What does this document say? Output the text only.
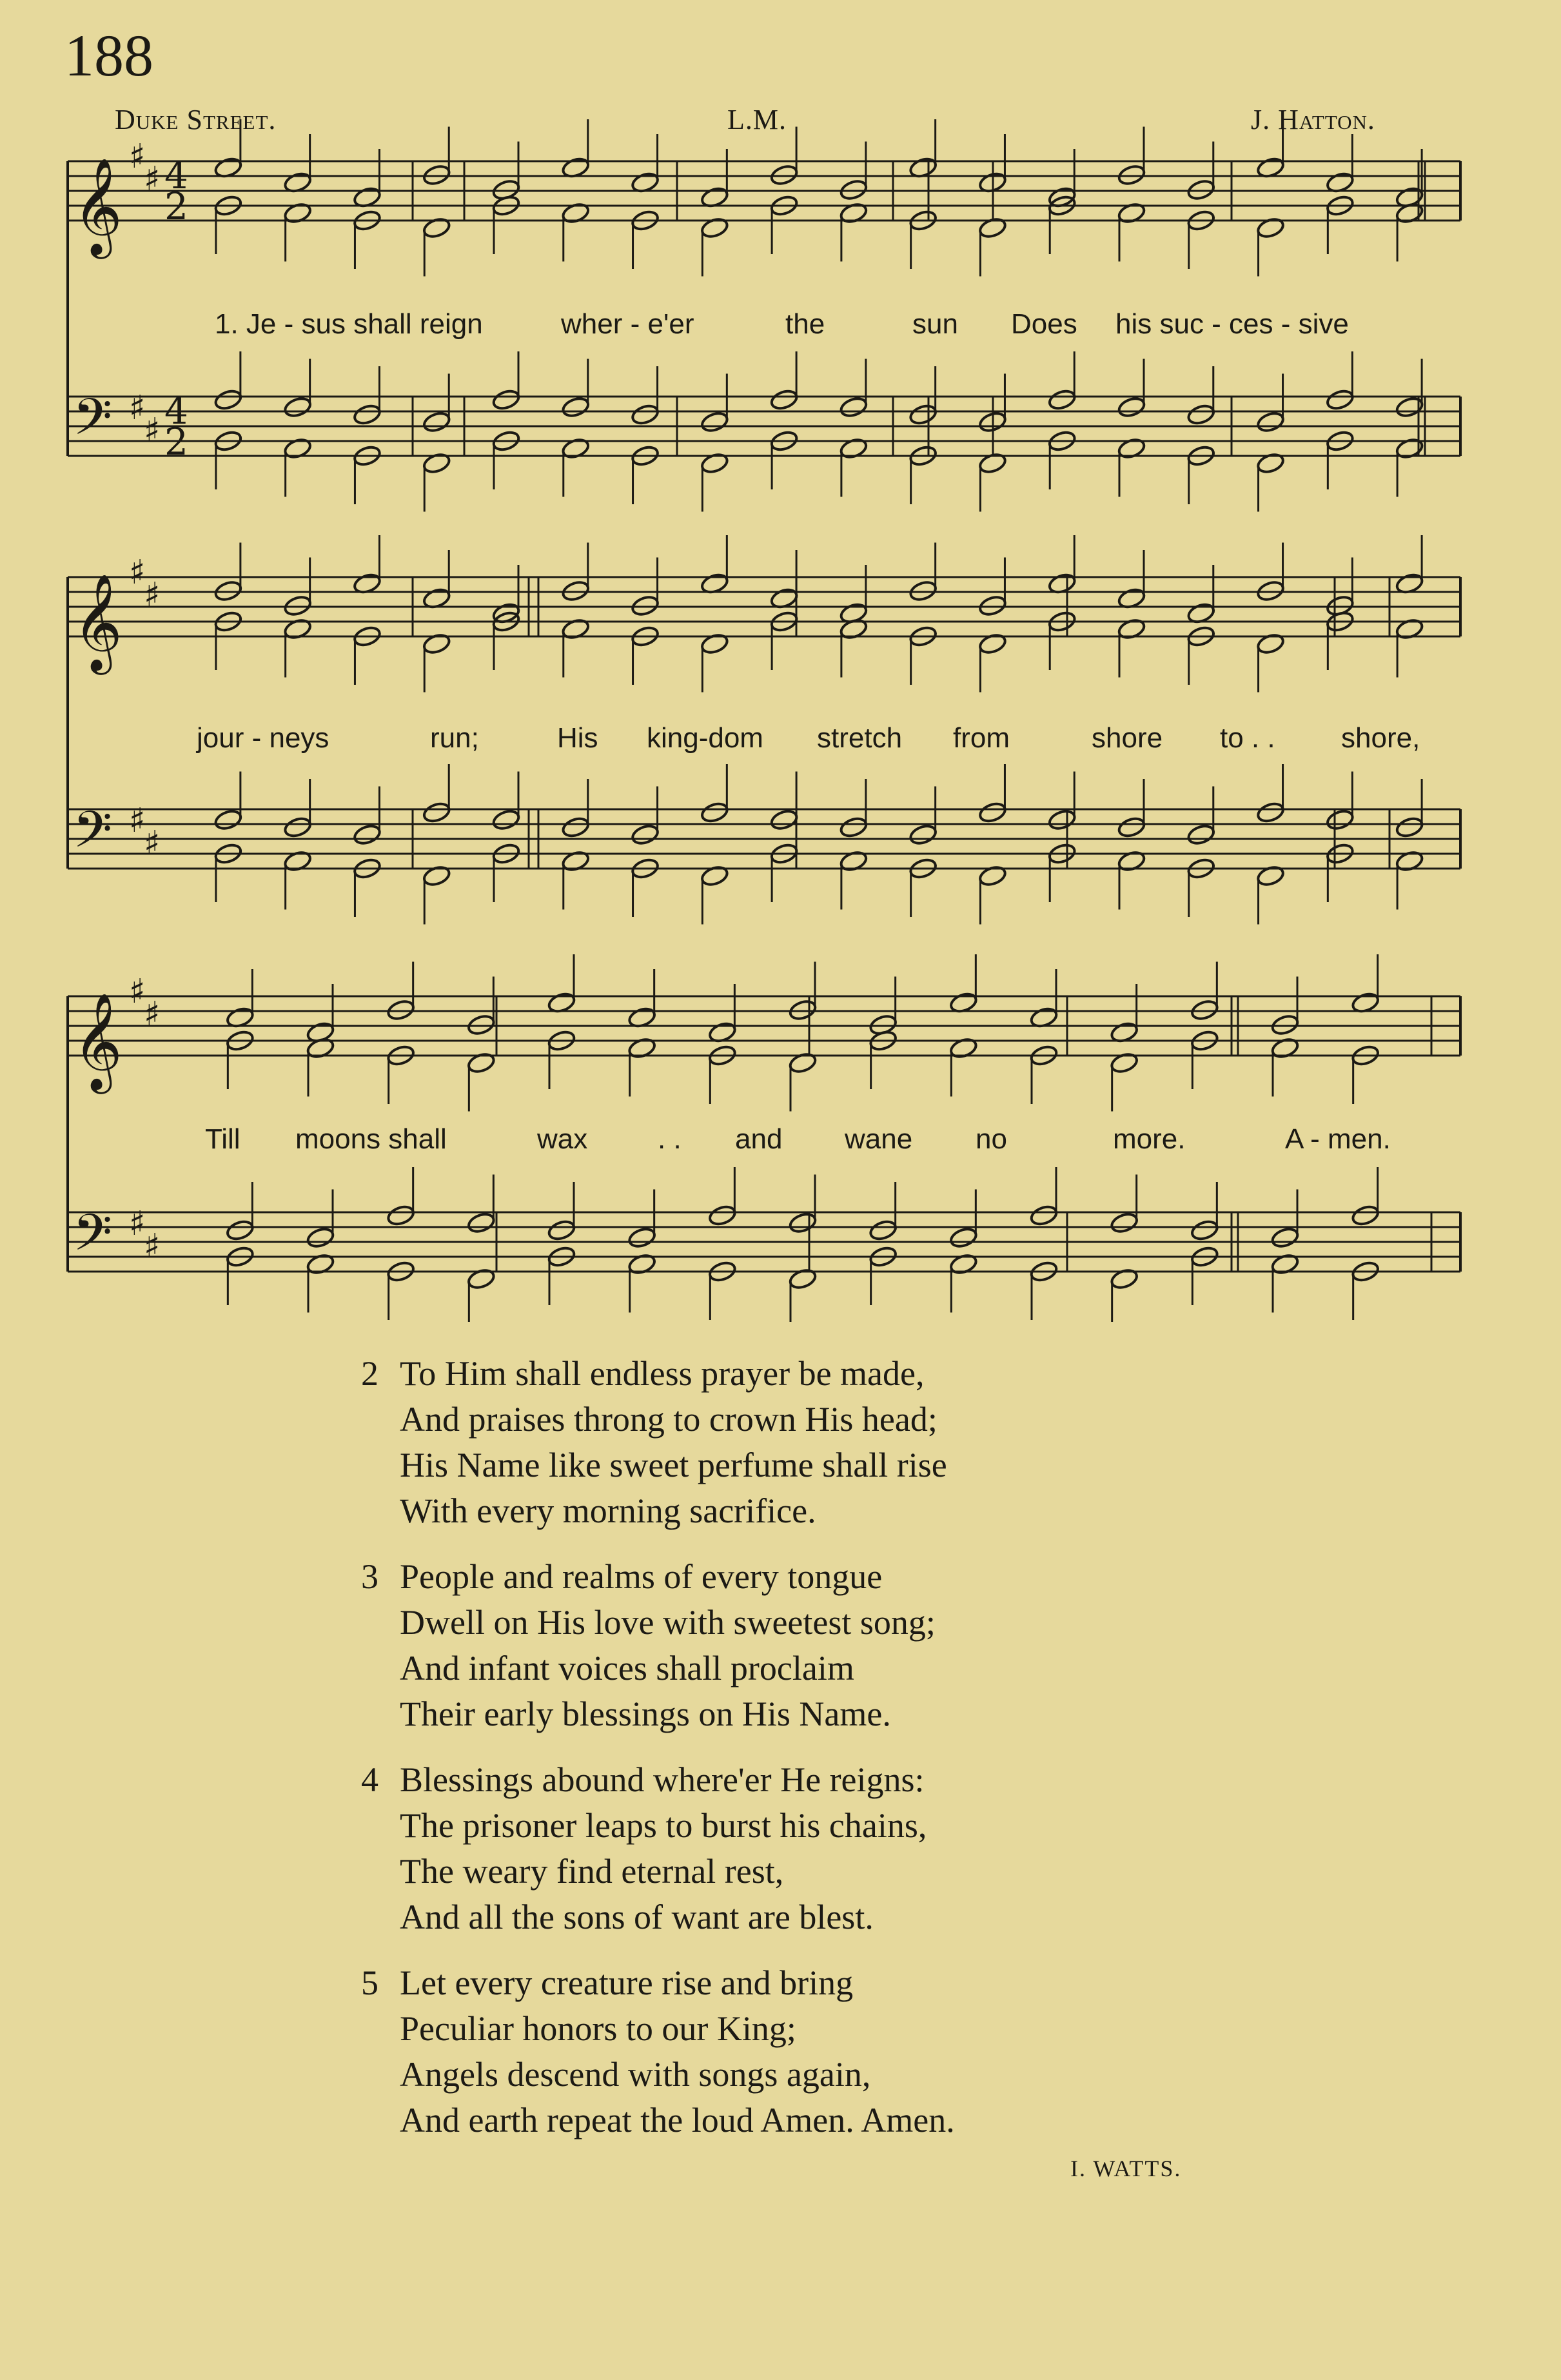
188
Duke Street.	L.M.	J. Hatton.
𝄞
𝄢
♯
♯
♯
♯
4
2
4
2
𝄞
𝄢
♯
♯
♯
♯
𝄞
𝄢
♯
♯
♯
♯
1. Je - sus shall reign	wher - e'er	the	sun Does his suc - ces - sive
jour - neys	run;	His king-dom stretch from	shore to . . shore,
Till moons shall	wax . . and wane no	more.	A - men.
2 To Him shall endless prayer be made,
And praises throng to crown His head;
His Name like sweet perfume shall rise
With every morning sacrifice.
3 People and realms of every tongue
Dwell on His love with sweetest song;
And infant voices shall proclaim
Their early blessings on His Name.
4 Blessings abound where'er He reigns:
The prisoner leaps to burst his chains,
The weary find eternal rest,
And all the sons of want are blest.
5 Let every creature rise and bring
Peculiar honors to our King;
Angels descend with songs again,
And earth repeat the loud Amen. Amen.
I. WATTS.
